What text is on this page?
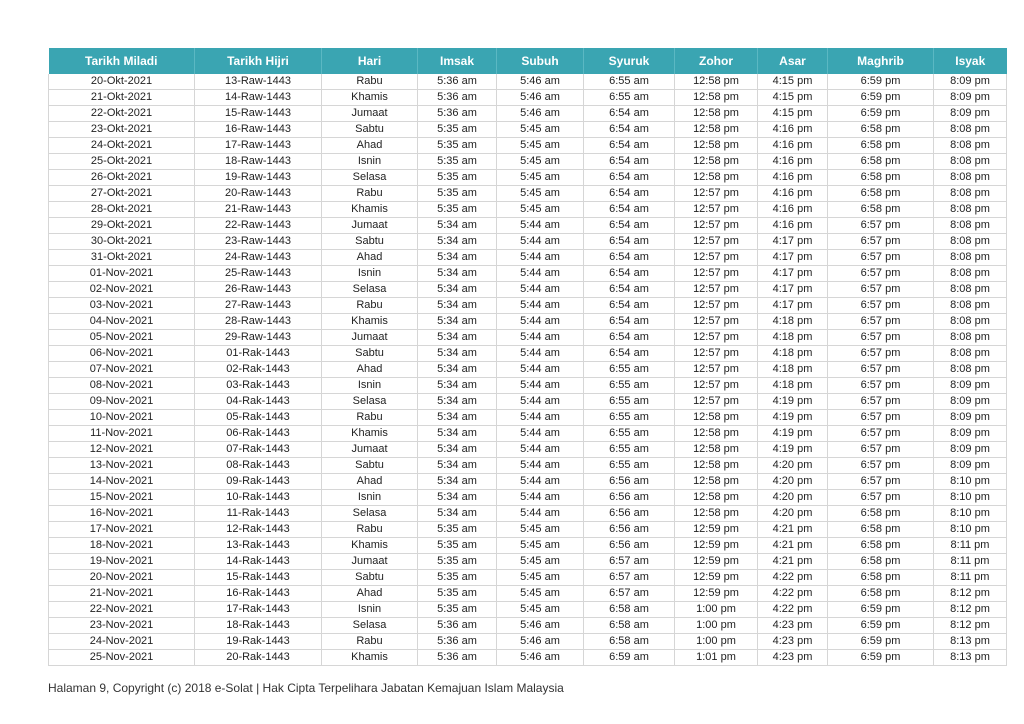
Tarikh Miladi	Tarikh Hijri	Hari	Imsak	Subuh	Syuruk	Zohor	Asar	Maghrib	Isyak
20-Okt-2021	13-Raw-1443	Rabu	5:36 am	5:46 am	6:55 am	12:58 pm	4:15 pm	6:59 pm	8:09 pm
21-Okt-2021	14-Raw-1443	Khamis	5:36 am	5:46 am	6:55 am	12:58 pm	4:15 pm	6:59 pm	8:09 pm
22-Okt-2021	15-Raw-1443	Jumaat	5:36 am	5:46 am	6:54 am	12:58 pm	4:15 pm	6:59 pm	8:09 pm
23-Okt-2021	16-Raw-1443	Sabtu	5:35 am	5:45 am	6:54 am	12:58 pm	4:16 pm	6:58 pm	8:08 pm
24-Okt-2021	17-Raw-1443	Ahad	5:35 am	5:45 am	6:54 am	12:58 pm	4:16 pm	6:58 pm	8:08 pm
25-Okt-2021	18-Raw-1443	Isnin	5:35 am	5:45 am	6:54 am	12:58 pm	4:16 pm	6:58 pm	8:08 pm
26-Okt-2021	19-Raw-1443	Selasa	5:35 am	5:45 am	6:54 am	12:58 pm	4:16 pm	6:58 pm	8:08 pm
27-Okt-2021	20-Raw-1443	Rabu	5:35 am	5:45 am	6:54 am	12:57 pm	4:16 pm	6:58 pm	8:08 pm
28-Okt-2021	21-Raw-1443	Khamis	5:35 am	5:45 am	6:54 am	12:57 pm	4:16 pm	6:58 pm	8:08 pm
29-Okt-2021	22-Raw-1443	Jumaat	5:34 am	5:44 am	6:54 am	12:57 pm	4:16 pm	6:57 pm	8:08 pm
30-Okt-2021	23-Raw-1443	Sabtu	5:34 am	5:44 am	6:54 am	12:57 pm	4:17 pm	6:57 pm	8:08 pm
31-Okt-2021	24-Raw-1443	Ahad	5:34 am	5:44 am	6:54 am	12:57 pm	4:17 pm	6:57 pm	8:08 pm
01-Nov-2021	25-Raw-1443	Isnin	5:34 am	5:44 am	6:54 am	12:57 pm	4:17 pm	6:57 pm	8:08 pm
02-Nov-2021	26-Raw-1443	Selasa	5:34 am	5:44 am	6:54 am	12:57 pm	4:17 pm	6:57 pm	8:08 pm
03-Nov-2021	27-Raw-1443	Rabu	5:34 am	5:44 am	6:54 am	12:57 pm	4:17 pm	6:57 pm	8:08 pm
04-Nov-2021	28-Raw-1443	Khamis	5:34 am	5:44 am	6:54 am	12:57 pm	4:18 pm	6:57 pm	8:08 pm
05-Nov-2021	29-Raw-1443	Jumaat	5:34 am	5:44 am	6:54 am	12:57 pm	4:18 pm	6:57 pm	8:08 pm
06-Nov-2021	01-Rak-1443	Sabtu	5:34 am	5:44 am	6:54 am	12:57 pm	4:18 pm	6:57 pm	8:08 pm
07-Nov-2021	02-Rak-1443	Ahad	5:34 am	5:44 am	6:55 am	12:57 pm	4:18 pm	6:57 pm	8:08 pm
08-Nov-2021	03-Rak-1443	Isnin	5:34 am	5:44 am	6:55 am	12:57 pm	4:18 pm	6:57 pm	8:09 pm
09-Nov-2021	04-Rak-1443	Selasa	5:34 am	5:44 am	6:55 am	12:57 pm	4:19 pm	6:57 pm	8:09 pm
10-Nov-2021	05-Rak-1443	Rabu	5:34 am	5:44 am	6:55 am	12:58 pm	4:19 pm	6:57 pm	8:09 pm
11-Nov-2021	06-Rak-1443	Khamis	5:34 am	5:44 am	6:55 am	12:58 pm	4:19 pm	6:57 pm	8:09 pm
12-Nov-2021	07-Rak-1443	Jumaat	5:34 am	5:44 am	6:55 am	12:58 pm	4:19 pm	6:57 pm	8:09 pm
13-Nov-2021	08-Rak-1443	Sabtu	5:34 am	5:44 am	6:55 am	12:58 pm	4:20 pm	6:57 pm	8:09 pm
14-Nov-2021	09-Rak-1443	Ahad	5:34 am	5:44 am	6:56 am	12:58 pm	4:20 pm	6:57 pm	8:10 pm
15-Nov-2021	10-Rak-1443	Isnin	5:34 am	5:44 am	6:56 am	12:58 pm	4:20 pm	6:57 pm	8:10 pm
16-Nov-2021	11-Rak-1443	Selasa	5:34 am	5:44 am	6:56 am	12:58 pm	4:20 pm	6:58 pm	8:10 pm
17-Nov-2021	12-Rak-1443	Rabu	5:35 am	5:45 am	6:56 am	12:59 pm	4:21 pm	6:58 pm	8:10 pm
18-Nov-2021	13-Rak-1443	Khamis	5:35 am	5:45 am	6:56 am	12:59 pm	4:21 pm	6:58 pm	8:11 pm
19-Nov-2021	14-Rak-1443	Jumaat	5:35 am	5:45 am	6:57 am	12:59 pm	4:21 pm	6:58 pm	8:11 pm
20-Nov-2021	15-Rak-1443	Sabtu	5:35 am	5:45 am	6:57 am	12:59 pm	4:22 pm	6:58 pm	8:11 pm
21-Nov-2021	16-Rak-1443	Ahad	5:35 am	5:45 am	6:57 am	12:59 pm	4:22 pm	6:58 pm	8:12 pm
22-Nov-2021	17-Rak-1443	Isnin	5:35 am	5:45 am	6:58 am	1:00 pm	4:22 pm	6:59 pm	8:12 pm
23-Nov-2021	18-Rak-1443	Selasa	5:36 am	5:46 am	6:58 am	1:00 pm	4:23 pm	6:59 pm	8:12 pm
24-Nov-2021	19-Rak-1443	Rabu	5:36 am	5:46 am	6:58 am	1:00 pm	4:23 pm	6:59 pm	8:13 pm
25-Nov-2021	20-Rak-1443	Khamis	5:36 am	5:46 am	6:59 am	1:01 pm	4:23 pm	6:59 pm	8:13 pm
Halaman 9, Copyright (c) 2018 e-Solat | Hak Cipta Terpelihara Jabatan Kemajuan Islam Malaysia
